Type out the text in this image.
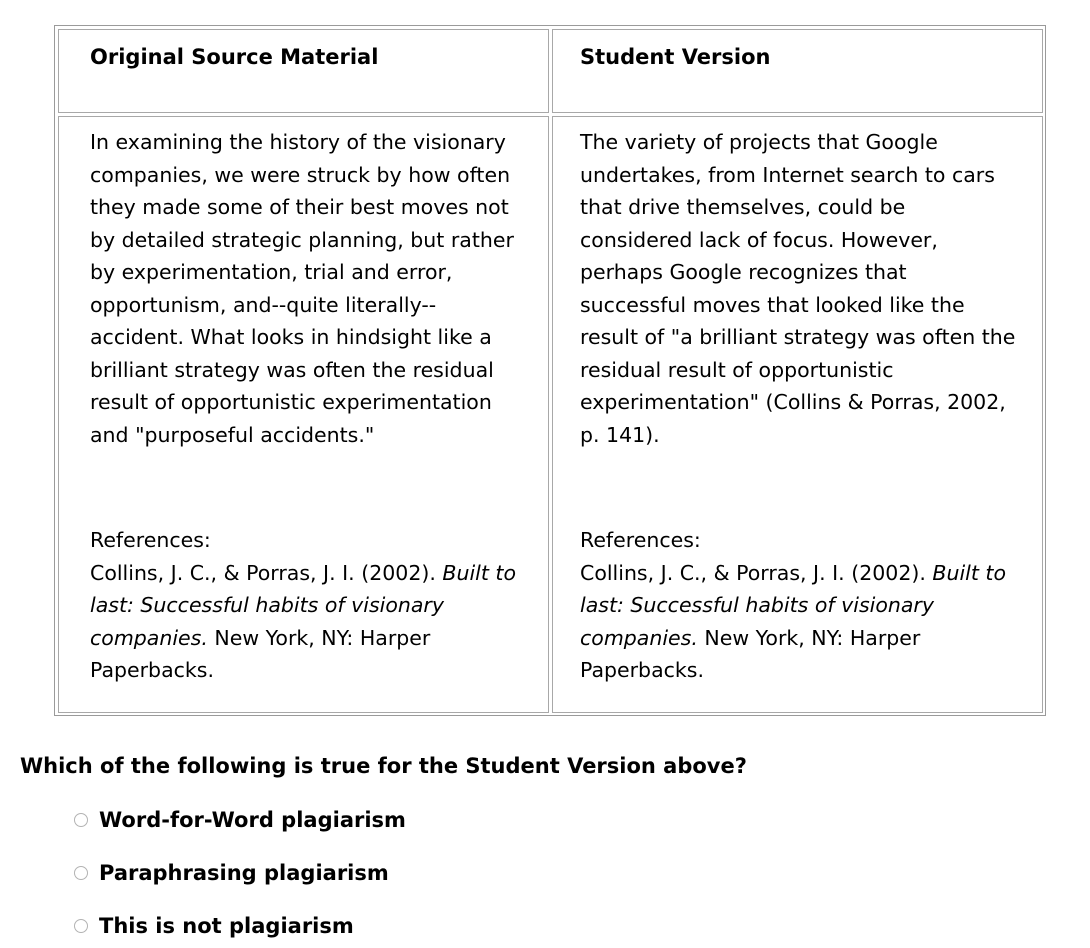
Original Source Material	Student Version
In examining the history of the visionary companies, we were struck by how often they made some of their best moves not by detailed strategic planning, but rather by experimentation, trial and error, opportunism, and--quite literally--accident. What looks in hindsight like a brilliant strategy was often the residual result of opportunistic experimentation and "purposeful accidents."
References:
Collins, J. C., & Porras, J. I. (2002). Built to last: Successful habits of visionary companies. New York, NY: Harper Paperbacks.
The variety of projects that Google undertakes, from Internet search to cars that drive themselves, could be considered lack of focus. However, perhaps Google recognizes that successful moves that looked like the result of "a brilliant strategy was often the residual result of opportunistic experimentation" (Collins & Porras, 2002, p. 141).
References:
Collins, J. C., & Porras, J. I. (2002). Built to last: Successful habits of visionary companies. New York, NY: Harper Paperbacks.
Which of the following is true for the Student Version above?
Word-for-Word plagiarism
Paraphrasing plagiarism
This is not plagiarism
